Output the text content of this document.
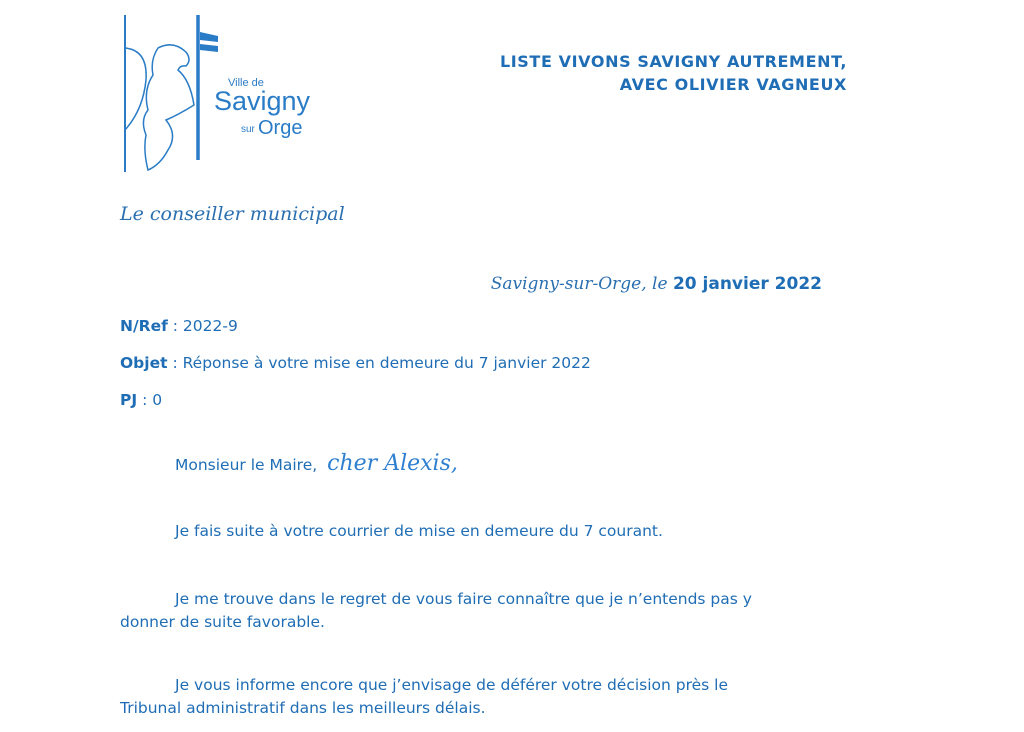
Ville de
Savigny
sur Orge
LISTE VIVONS SAVIGNY AUTREMENT,
AVEC OLIVIER VAGNEUX
Le conseiller municipal
Savigny-sur-Orge, le 20 janvier 2022
N/Ref : 2022-9
Objet : Réponse à votre mise en demeure du 7 janvier 2022
PJ : 0
Monsieur le Maire, cher Alexis,
Je fais suite à votre courrier de mise en demeure du 7 courant.
Je me trouve dans le regret de vous faire connaître que je n’entends pas y
donner de suite favorable.
Je vous informe encore que j’envisage de déférer votre décision près le
Tribunal administratif dans les meilleurs délais.
